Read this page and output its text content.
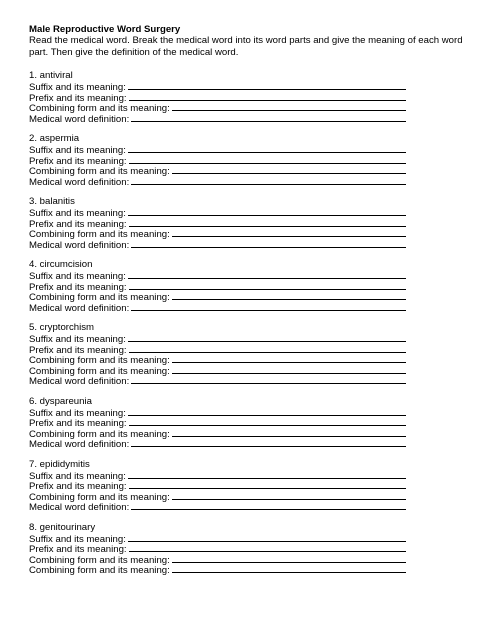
Male Reproductive Word Surgery
Read the medical word. Break the medical word into its word parts and give the meaning of each word part. Then give the definition of the medical word.
1. antiviral
Suffix and its meaning:
Prefix and its meaning:
Combining form and its meaning:
Medical word definition:
2. aspermia
Suffix and its meaning:
Prefix and its meaning:
Combining form and its meaning:
Medical word definition:
3. balanitis
Suffix and its meaning:
Prefix and its meaning:
Combining form and its meaning:
Medical word definition:
4. circumcision
Suffix and its meaning:
Prefix and its meaning:
Combining form and its meaning:
Medical word definition:
5. cryptorchism
Suffix and its meaning:
Prefix and its meaning:
Combining form and its meaning:
Combining form and its meaning:
Medical word definition:
6. dyspareunia
Suffix and its meaning:
Prefix and its meaning:
Combining form and its meaning:
Medical word definition:
7. epididymitis
Suffix and its meaning:
Prefix and its meaning:
Combining form and its meaning:
Medical word definition:
8. genitourinary
Suffix and its meaning:
Prefix and its meaning:
Combining form and its meaning:
Combining form and its meaning:
